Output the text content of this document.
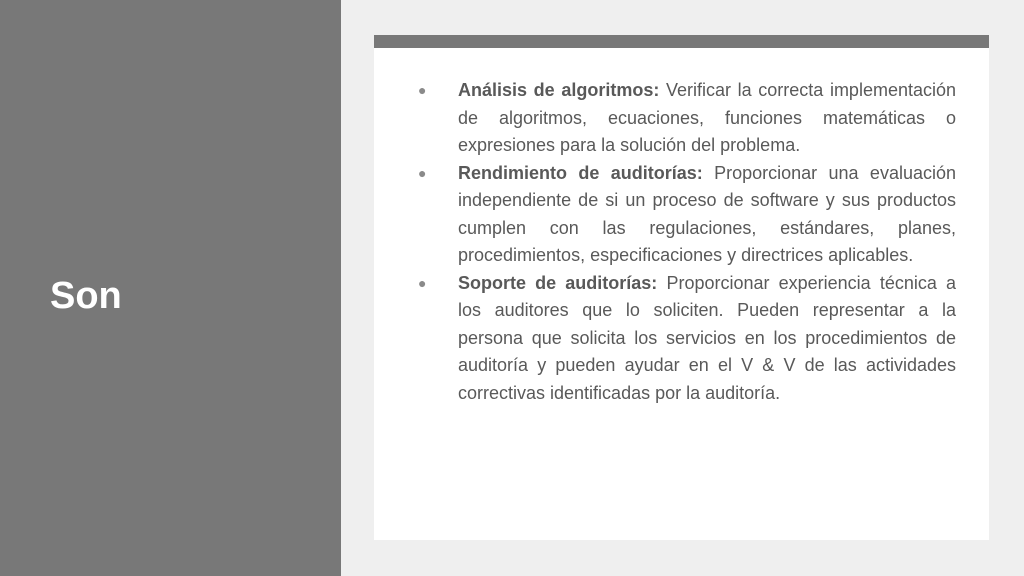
Son
● Análisis de algoritmos: Verificar la correcta implementación de algoritmos, ecuaciones, funciones matemáticas o expresiones para la solución del problema.
● Rendimiento de auditorías: Proporcionar una evaluación independiente de si un proceso de software y sus productos cumplen con las regulaciones, estándares, planes, procedimientos, especificaciones y directrices aplicables.
● Soporte de auditorías: Proporcionar experiencia técnica a los auditores que lo soliciten. Pueden representar a la persona que solicita los servicios en los procedimientos de auditoría y pueden ayudar en el V & V de las actividades correctivas identificadas por la auditoría.
